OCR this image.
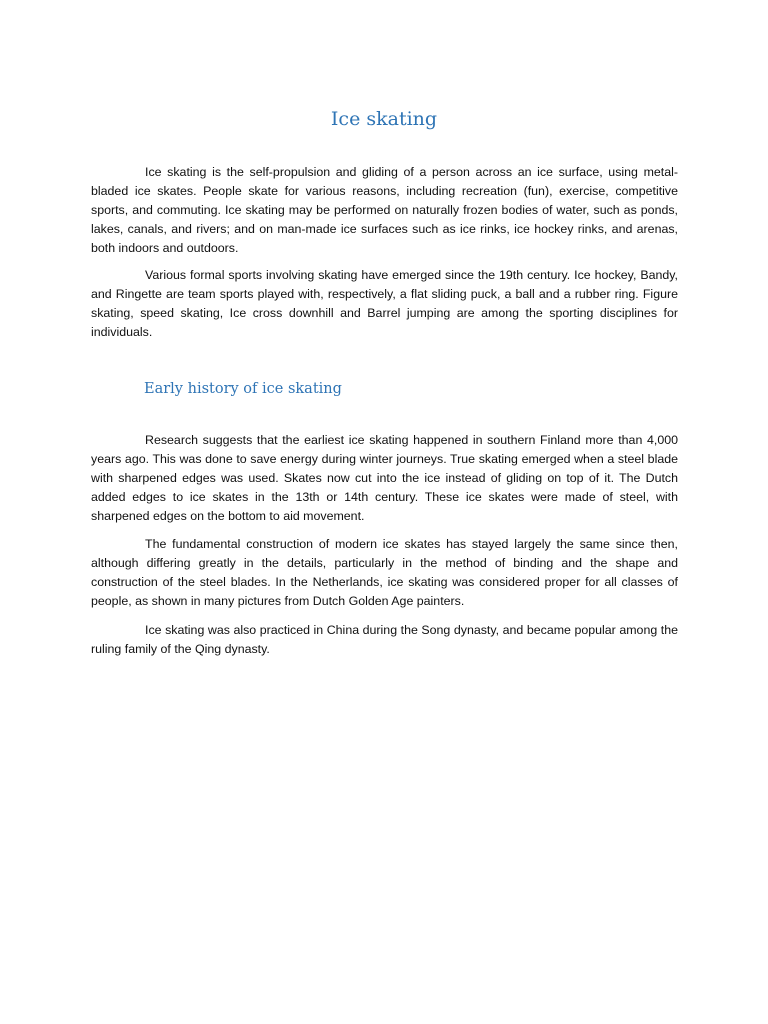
Ice skating

Ice skating is the self-propulsion and gliding of a person across an ice surface, using metal-bladed ice skates. People skate for various reasons, including recreation (fun), exercise, competitive sports, and commuting. Ice skating may be performed on naturally frozen bodies of water, such as ponds, lakes, canals, and rivers; and on man-made ice surfaces such as ice rinks, ice hockey rinks, and arenas, both indoors and outdoors.

Various formal sports involving skating have emerged since the 19th century. Ice hockey, Bandy, and Ringette are team sports played with, respectively, a flat sliding puck, a ball and a rubber ring. Figure skating, speed skating, Ice cross downhill and Barrel jumping are among the sporting disciplines for individuals.

Early history of ice skating

Research suggests that the earliest ice skating happened in southern Finland more than 4,000 years ago. This was done to save energy during winter journeys. True skating emerged when a steel blade with sharpened edges was used. Skates now cut into the ice instead of gliding on top of it. The Dutch added edges to ice skates in the 13th or 14th century. These ice skates were made of steel, with sharpened edges on the bottom to aid movement.

The fundamental construction of modern ice skates has stayed largely the same since then, although differing greatly in the details, particularly in the method of binding and the shape and construction of the steel blades. In the Netherlands, ice skating was considered proper for all classes of people, as shown in many pictures from Dutch Golden Age painters.

Ice skating was also practiced in China during the Song dynasty, and became popular among the ruling family of the Qing dynasty.
